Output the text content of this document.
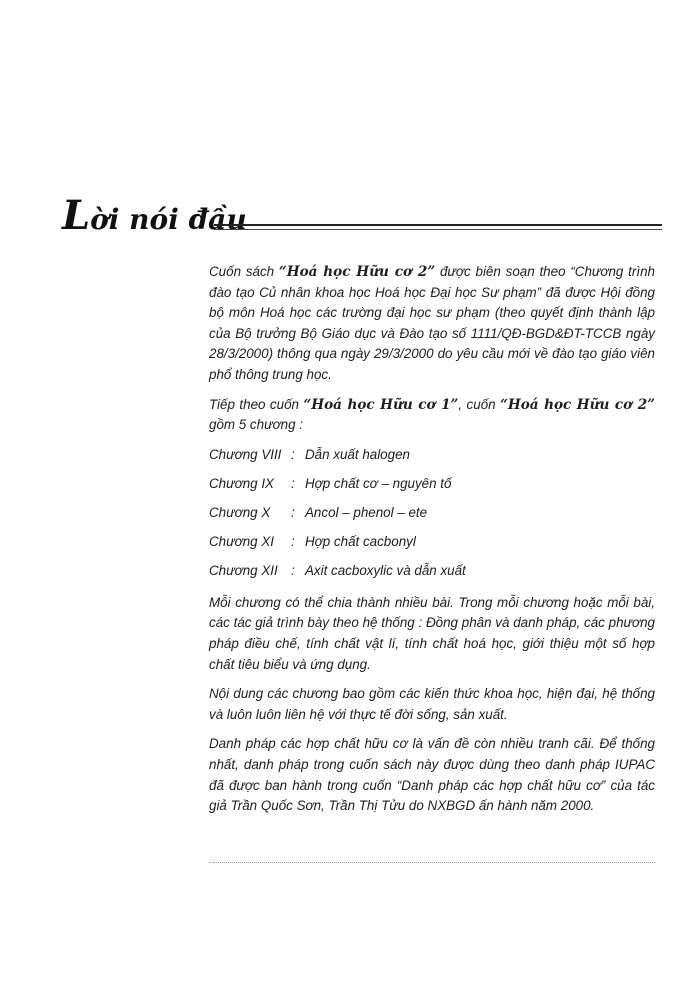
Lời nói đầu

Cuốn sách “Hoá học Hữu cơ 2” được biên soạn theo “Chương trình đào tạo Củ nhân khoa học Hoá học Đại học Sư phạm” đã được Hội đồng bộ môn Hoá học các trường đại học sư phạm (theo quyết định thành lập của Bộ trưởng Bộ Giáo dục và Đào tạo số 1111/QĐ-BGD&ĐT-TCCB ngày 28/3/2000) thông qua ngày 29/3/2000 do yêu cầu mới về đào tạo giáo viên phổ thông trung học.

Tiếp theo cuốn “Hoá học Hữu cơ 1”, cuốn “Hoá học Hữu cơ 2” gồm 5 chương :

Chương VIII : Dẫn xuất halogen
Chương IX	: Hợp chất cơ – nguyên tố
Chương X	: Ancol – phenol – ete
Chương XI	: Hợp chất cacbonyl
Chương XII : Axit cacboxylic và dẫn xuất

Mỗi chương có thể chia thành nhiều bài. Trong mỗi chương hoặc mỗi bài, các tác giả trình bày theo hệ thống : Đồng phân và danh pháp, các phương pháp điều chế, tính chất vật lí, tính chất hoá học, giới thiệu một số hợp chất tiêu biểu và ứng dụng.

Nội dung các chương bao gồm các kiến thức khoa học, hiện đại, hệ thống và luôn luôn liên hệ với thực tế đời sống, sản xuất.

Danh pháp các hợp chất hữu cơ là vấn đề còn nhiều tranh cãi. Để thống nhất, danh pháp trong cuốn sách này được dùng theo danh pháp IUPAC đã được ban hành trong cuốn “Danh pháp các hợp chất hữu cơ” của tác giả Trần Quốc Sơn, Trần Thị Tửu do NXBGD ấn hành năm 2000.
